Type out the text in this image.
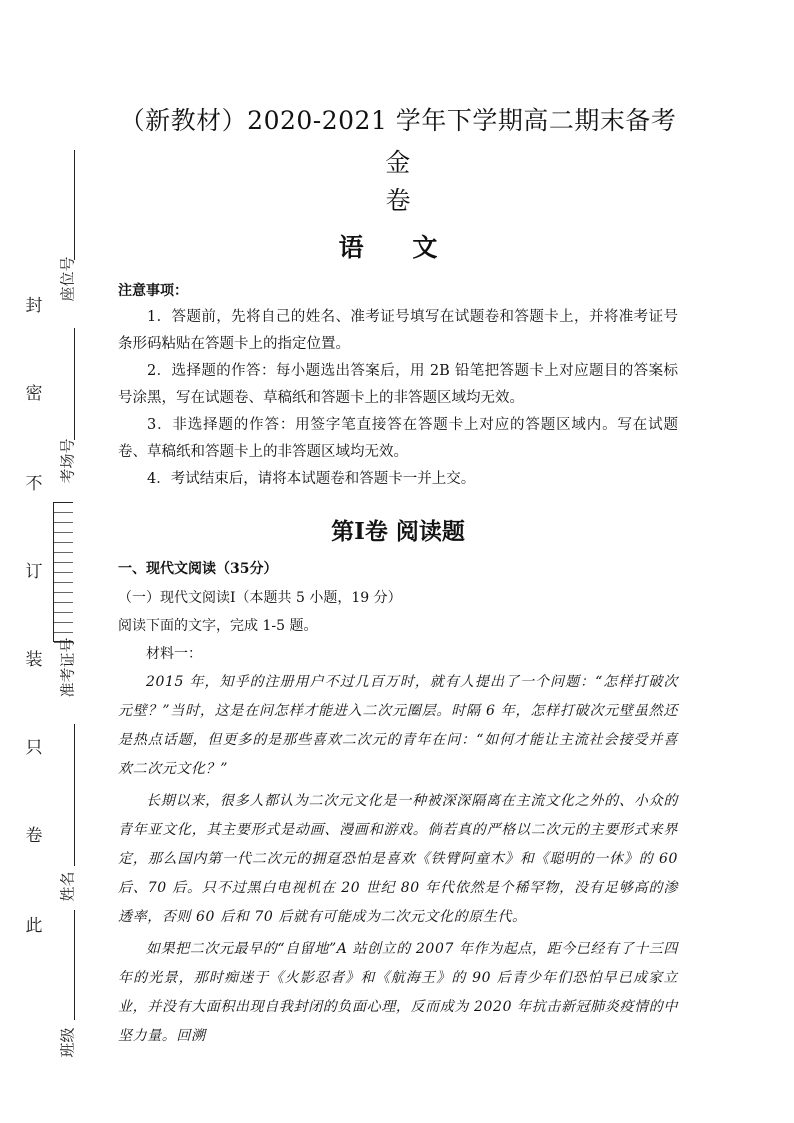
封
密
不
订
装
只
卷
此
座位号
考场号
准考证号
姓名
班级
（新教材）2020-2021 学年下学期高二期末备考金
卷
语 文
注意事项：

1．答题前，先将自己的姓名、准考证号填写在试题卷和答题卡上，并将准考证号条形码粘贴在答题卡上的指定位置。

2．选择题的作答：每小题选出答案后，用 2B 铅笔把答题卡上对应题目的答案标号涂黑，写在试题卷、草稿纸和答题卡上的非答题区域均无效。

3．非选择题的作答：用签字笔直接答在答题卡上对应的答题区域内。写在试题卷、草稿纸和答题卡上的非答题区域均无效。

4．考试结束后，请将本试题卷和答题卡一并上交。

第Ⅰ卷 阅读题
一、现代文阅读（35分）
（一）现代文阅读Ⅰ（本题共 5 小题，19 分）
阅读下面的文字，完成 1-5 题。
材料一：

2015 年，知乎的注册用户不过几百万时，就有人提出了一个问题：“怎样打破次元壁？”当时，这是在问怎样才能进入二次元圈层。时隔 6 年，怎样打破次元壁虽然还是热点话题，但更多的是那些喜欢二次元的青年在问：“如何才能让主流社会接受并喜欢二次元文化？”

长期以来，很多人都认为二次元文化是一种被深深隔离在主流文化之外的、小众的青年亚文化，其主要形式是动画、漫画和游戏。倘若真的严格以二次元的主要形式来界定，那么国内第一代二次元的拥趸恐怕是喜欢《铁臂阿童木》和《聪明的一休》的 60 后、70 后。只不过黑白电视机在 20 世纪 80 年代依然是个稀罕物，没有足够高的渗透率，否则 60 后和 70 后就有可能成为二次元文化的原生代。

如果把二次元最早的“自留地”A 站创立的 2007 年作为起点，距今已经有了十三四年的光景，那时痴迷于《火影忍者》和《航海王》的 90 后青少年们恐怕早已成家立业，并没有大面积出现自我封闭的负面心理，反而成为 2020 年抗击新冠肺炎疫情的中坚力量。回溯
